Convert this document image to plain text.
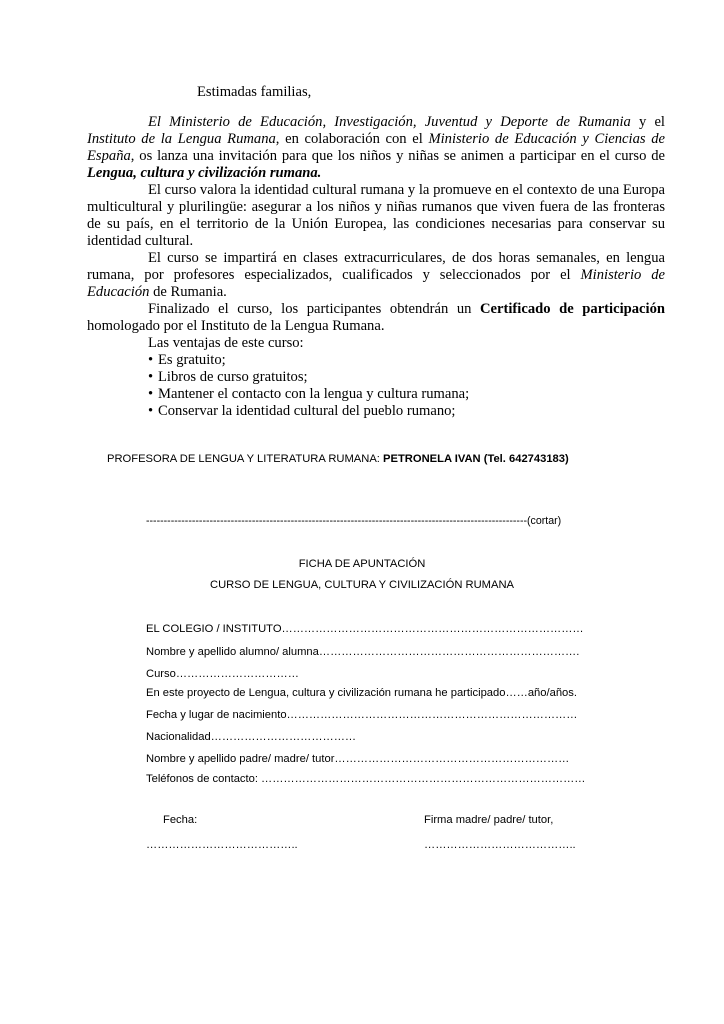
Estimadas familias,

El Ministerio de Educación, Investigación, Juventud y Deporte de Rumania y el Instituto de la Lengua Rumana, en colaboración con el Ministerio de Educación y Ciencias de España, os lanza una invitación para que los niños y niñas se animen a participar en el curso de Lengua, cultura y civilización rumana.

El curso valora la identidad cultural rumana y la promueve en el contexto de una Europa multicultural y plurilingüe: asegurar a los niños y niñas rumanos que viven fuera de las fronteras de su país, en el territorio de la Unión Europea, las condiciones necesarias para conservar su identidad cultural.

El curso se impartirá en clases extracurriculares, de dos horas semanales, en lengua rumana, por profesores especializados, cualificados y seleccionados por el Ministerio de Educación de Rumania.

Finalizado el curso, los participantes obtendrán un Certificado de participación homologado por el Instituto de la Lengua Rumana.

Las ventajas de este curso:

• Es gratuito;
• Libros de curso gratuitos;
• Mantener el contacto con la lengua y cultura rumana;
• Conservar la identidad cultural del pueblo rumano;
PROFESORA DE LENGUA Y LITERATURA RUMANA: PETRONELA IVAN (Tel. 642743183)
------------------------------------------------------------------------------------------------------------(cortar)
FICHA DE APUNTACIÓN
CURSO DE LENGUA, CULTURA Y CIVILIZACIÓN RUMANA
EL COLEGIO / INSTITUTO………………………………………………………………………
Nombre y apellido alumno/ alumna…………………………………………………………….
Curso……………………………
En este proyecto de Lengua, cultura y civilización rumana he participado……año/años.
Fecha y lugar de nacimiento……………………………………………………………………
Nacionalidad…………………………………
Nombre y apellido padre/ madre/ tutor………………………………………………………
Teléfonos de contacto: ……………………………………………………………………………
Fecha:
…………………………………..
Firma madre/ padre/ tutor,
…………………………………..
